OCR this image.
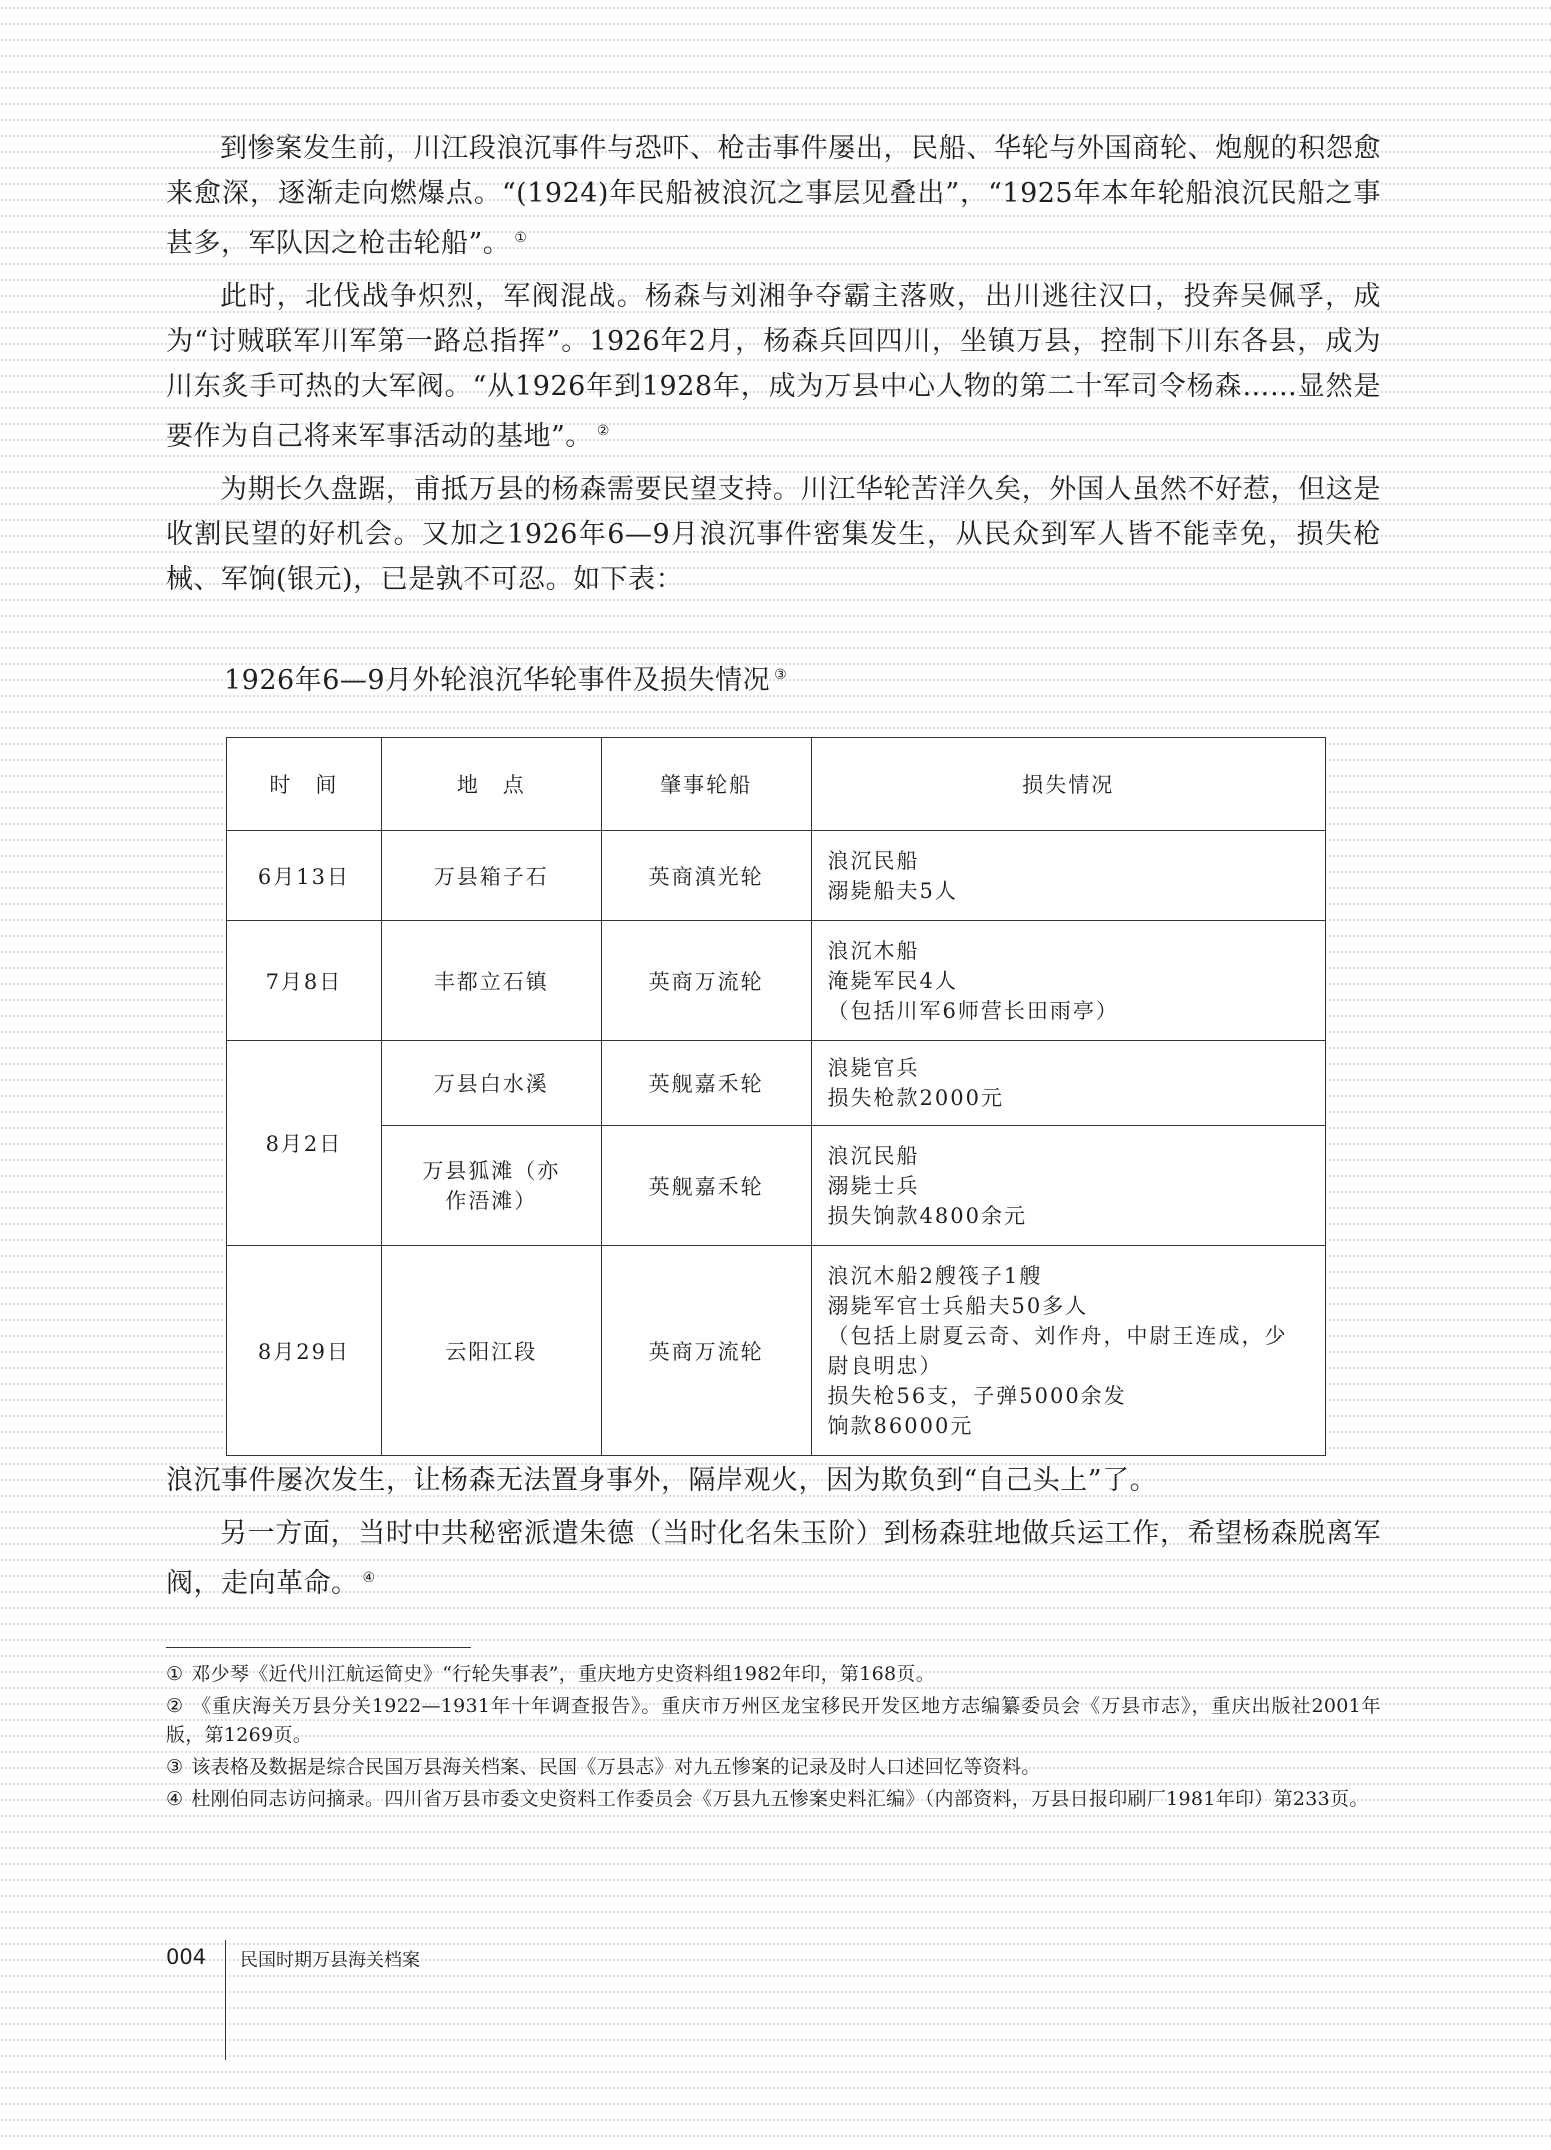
到惨案发生前，川江段浪沉事件与恐吓、枪击事件屡出，民船、华轮与外国商轮、炮舰的积怨愈来愈深，逐渐走向燃爆点。“(1924)年民船被浪沉之事层见叠出”，“1925年本年轮船浪沉民船之事甚多，军队因之枪击轮船”。 ①

此时，北伐战争炽烈，军阀混战。杨森与刘湘争夺霸主落败，出川逃往汉口，投奔吴佩孚，成为“讨贼联军川军第一路总指挥”。1926年2月，杨森兵回四川，坐镇万县，控制下川东各县，成为川东炙手可热的大军阀。“从1926年到1928年，成为万县中心人物的第二十军司令杨森……显然是要作为自己将来军事活动的基地”。 ②

为期长久盘踞，甫抵万县的杨森需要民望支持。川江华轮苦洋久矣，外国人虽然不好惹，但这是收割民望的好机会。又加之1926年6—9月浪沉事件密集发生，从民众到军人皆不能幸免，损失枪械、军饷(银元)，已是孰不可忍。如下表：

1926年6—9月外轮浪沉华轮事件及损失情况 ③
时　间	地　点	肇事轮船	损失情况
6月13日	万县箱子石	英商滇光轮	浪沉民船
溺毙船夫5人

7月8日	丰都立石镇	英商万流轮	浪沉木船
淹毙军民4人
（包括川军6师营长田雨亭）

8月2日	万县白水溪	英舰嘉禾轮	浪毙官兵
损失枪款2000元

	万县狐滩（亦作浯滩）	英舰嘉禾轮	浪沉民船
溺毙士兵
损失饷款4800余元

8月29日	云阳江段	英商万流轮	浪沉木船2艘筏子1艘
溺毙军官士兵船夫50多人
（包括上尉夏云奇、刘作舟，中尉王连成，少尉良明忠）
损失枪56支，子弹5000余发
饷款86000元

浪沉事件屡次发生，让杨森无法置身事外，隔岸观火，因为欺负到“自己头上”了。

另一方面，当时中共秘密派遣朱德（当时化名朱玉阶）到杨森驻地做兵运工作，希望杨森脱离军阀，走向革命。 ④

① 邓少琴《近代川江航运简史》“行轮失事表”，重庆地方史资料组1982年印，第168页。

② 《重庆海关万县分关1922—1931年十年调查报告》。重庆市万州区龙宝移民开发区地方志编纂委员会《万县市志》，重庆出版社2001年版，第1269页。

③ 该表格及数据是综合民国万县海关档案、民国《万县志》对九五惨案的记录及时人口述回忆等资料。

④ 杜刚伯同志访问摘录。四川省万县市委文史资料工作委员会《万县九五惨案史料汇编》（内部资料，万县日报印刷厂1981年印）第233页。

004 民国时期万县海关档案
